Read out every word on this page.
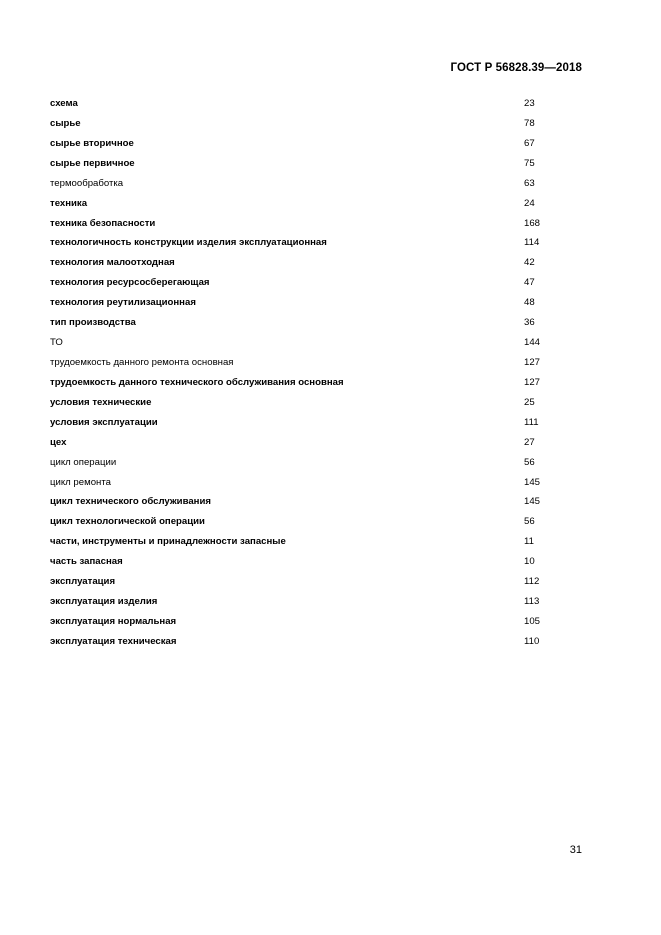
ГОСТ Р 56828.39—2018
схема	23
сырье	78
сырье вторичное	67
сырье первичное	75
термообработка	63
техника	24
техника безопасности	168
технологичность конструкции изделия эксплуатационная	114
технология малоотходная	42
технология ресурсосберегающая	47
технология реутилизационная	48
тип производства	36
ТО	144
трудоемкость данного ремонта основная	127
трудоемкость данного технического обслуживания основная	127
условия технические	25
условия эксплуатации	111
цех	27
цикл операции	56
цикл ремонта	145
цикл технического обслуживания	145
цикл технологической операции	56
части, инструменты и принадлежности запасные	11
часть запасная	10
эксплуатация	112
эксплуатация изделия	113
эксплуатация нормальная	105
эксплуатация техническая	110
31
